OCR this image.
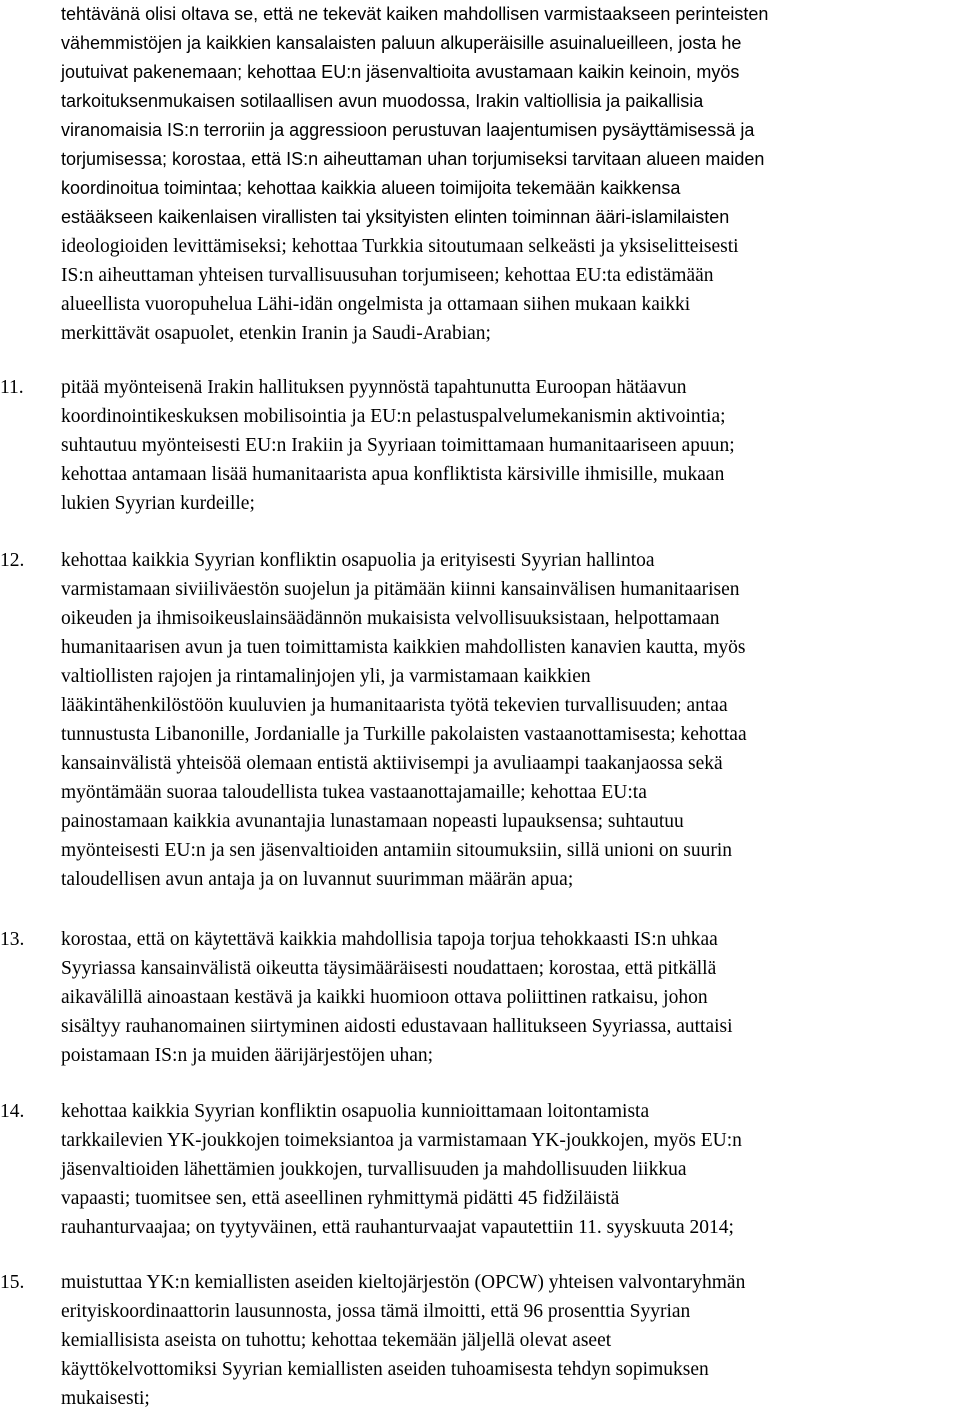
tehtävänä olisi oltava se, että ne tekevät kaiken mahdollisen varmistaakseen perinteisten
vähemmistöjen ja kaikkien kansalaisten paluun alkuperäisille asuinalueilleen, josta he
joutuivat pakenemaan; kehottaa EU:n jäsenvaltioita avustamaan kaikin keinoin, myös
tarkoituksenmukaisen sotilaallisen avun muodossa, Irakin valtiollisia ja paikallisia
viranomaisia IS:n terroriin ja aggressioon perustuvan laajentumisen pysäyttämisessä ja
torjumisessa; korostaa, että IS:n aiheuttaman uhan torjumiseksi tarvitaan alueen maiden
koordinoitua toimintaa; kehottaa kaikkia alueen toimijoita tekemään kaikkensa
estääkseen kaikenlaisen virallisten tai yksityisten elinten toiminnan ääri-islamilaisten
ideologioiden levittämiseksi; kehottaa Turkkia sitoutumaan selkeästi ja yksiselitteisesti
IS:n aiheuttaman yhteisen turvallisuusuhan torjumiseen; kehottaa EU:ta edistämään
alueellista vuoropuhelua Lähi-idän ongelmista ja ottamaan siihen mukaan kaikki
merkittävät osapuolet, etenkin Iranin ja Saudi-Arabian;
11.	pitää myönteisenä Irakin hallituksen pyynnöstä tapahtunutta Euroopan hätäavun
koordinointikeskuksen mobilisointia ja EU:n pelastuspalvelumekanismin aktivointia;
suhtautuu myönteisesti EU:n Irakiin ja Syyriaan toimittamaan humanitaariseen apuun;
kehottaa antamaan lisää humanitaarista apua konfliktista kärsiville ihmisille, mukaan
lukien Syyrian kurdeille;
12.	kehottaa kaikkia Syyrian konfliktin osapuolia ja erityisesti Syyrian hallintoa
varmistamaan siviiliväestön suojelun ja pitämään kiinni kansainvälisen humanitaarisen
oikeuden ja ihmisoikeuslainsäädännön mukaisista velvollisuuksistaan, helpottamaan
humanitaarisen avun ja tuen toimittamista kaikkien mahdollisten kanavien kautta, myös
valtiollisten rajojen ja rintamalinjojen yli, ja varmistamaan kaikkien
lääkintähenkilöstöön kuuluvien ja humanitaarista työtä tekevien turvallisuuden; antaa
tunnustusta Libanonille, Jordanialle ja Turkille pakolaisten vastaanottamisesta; kehottaa
kansainvälistä yhteisöä olemaan entistä aktiivisempi ja avuliaampi taakanjaossa sekä
myöntämään suoraa taloudellista tukea vastaanottajamaille; kehottaa EU:ta
painostamaan kaikkia avunantajia lunastamaan nopeasti lupauksensa; suhtautuu
myönteisesti EU:n ja sen jäsenvaltioiden antamiin sitoumuksiin, sillä unioni on suurin
taloudellisen avun antaja ja on luvannut suurimman määrän apua;
13.	korostaa, että on käytettävä kaikkia mahdollisia tapoja torjua tehokkaasti IS:n uhkaa
Syyriassa kansainvälistä oikeutta täysimääräisesti noudattaen; korostaa, että pitkällä
aikavälillä ainoastaan kestävä ja kaikki huomioon ottava poliittinen ratkaisu, johon
sisältyy rauhanomainen siirtyminen aidosti edustavaan hallitukseen Syyriassa, auttaisi
poistamaan IS:n ja muiden äärijärjestöjen uhan;
14.	kehottaa kaikkia Syyrian konfliktin osapuolia kunnioittamaan loitontamista
tarkkailevien YK-joukkojen toimeksiantoa ja varmistamaan YK-joukkojen, myös EU:n
jäsenvaltioiden lähettämien joukkojen, turvallisuuden ja mahdollisuuden liikkua
vapaasti; tuomitsee sen, että aseellinen ryhmittymä pidätti 45 fidžiläistä
rauhanturvaajaa; on tyytyväinen, että rauhanturvaajat vapautettiin 11. syyskuuta 2014;
15.	muistuttaa YK:n kemiallisten aseiden kieltojärjestön (OPCW) yhteisen valvontaryhmän
erityiskoordinaattorin lausunnosta, jossa tämä ilmoitti, että 96 prosenttia Syyrian
kemiallisista aseista on tuhottu; kehottaa tekemään jäljellä olevat aseet
käyttökelvottomiksi Syyrian kemiallisten aseiden tuhoamisesta tehdyn sopimuksen
mukaisesti;
